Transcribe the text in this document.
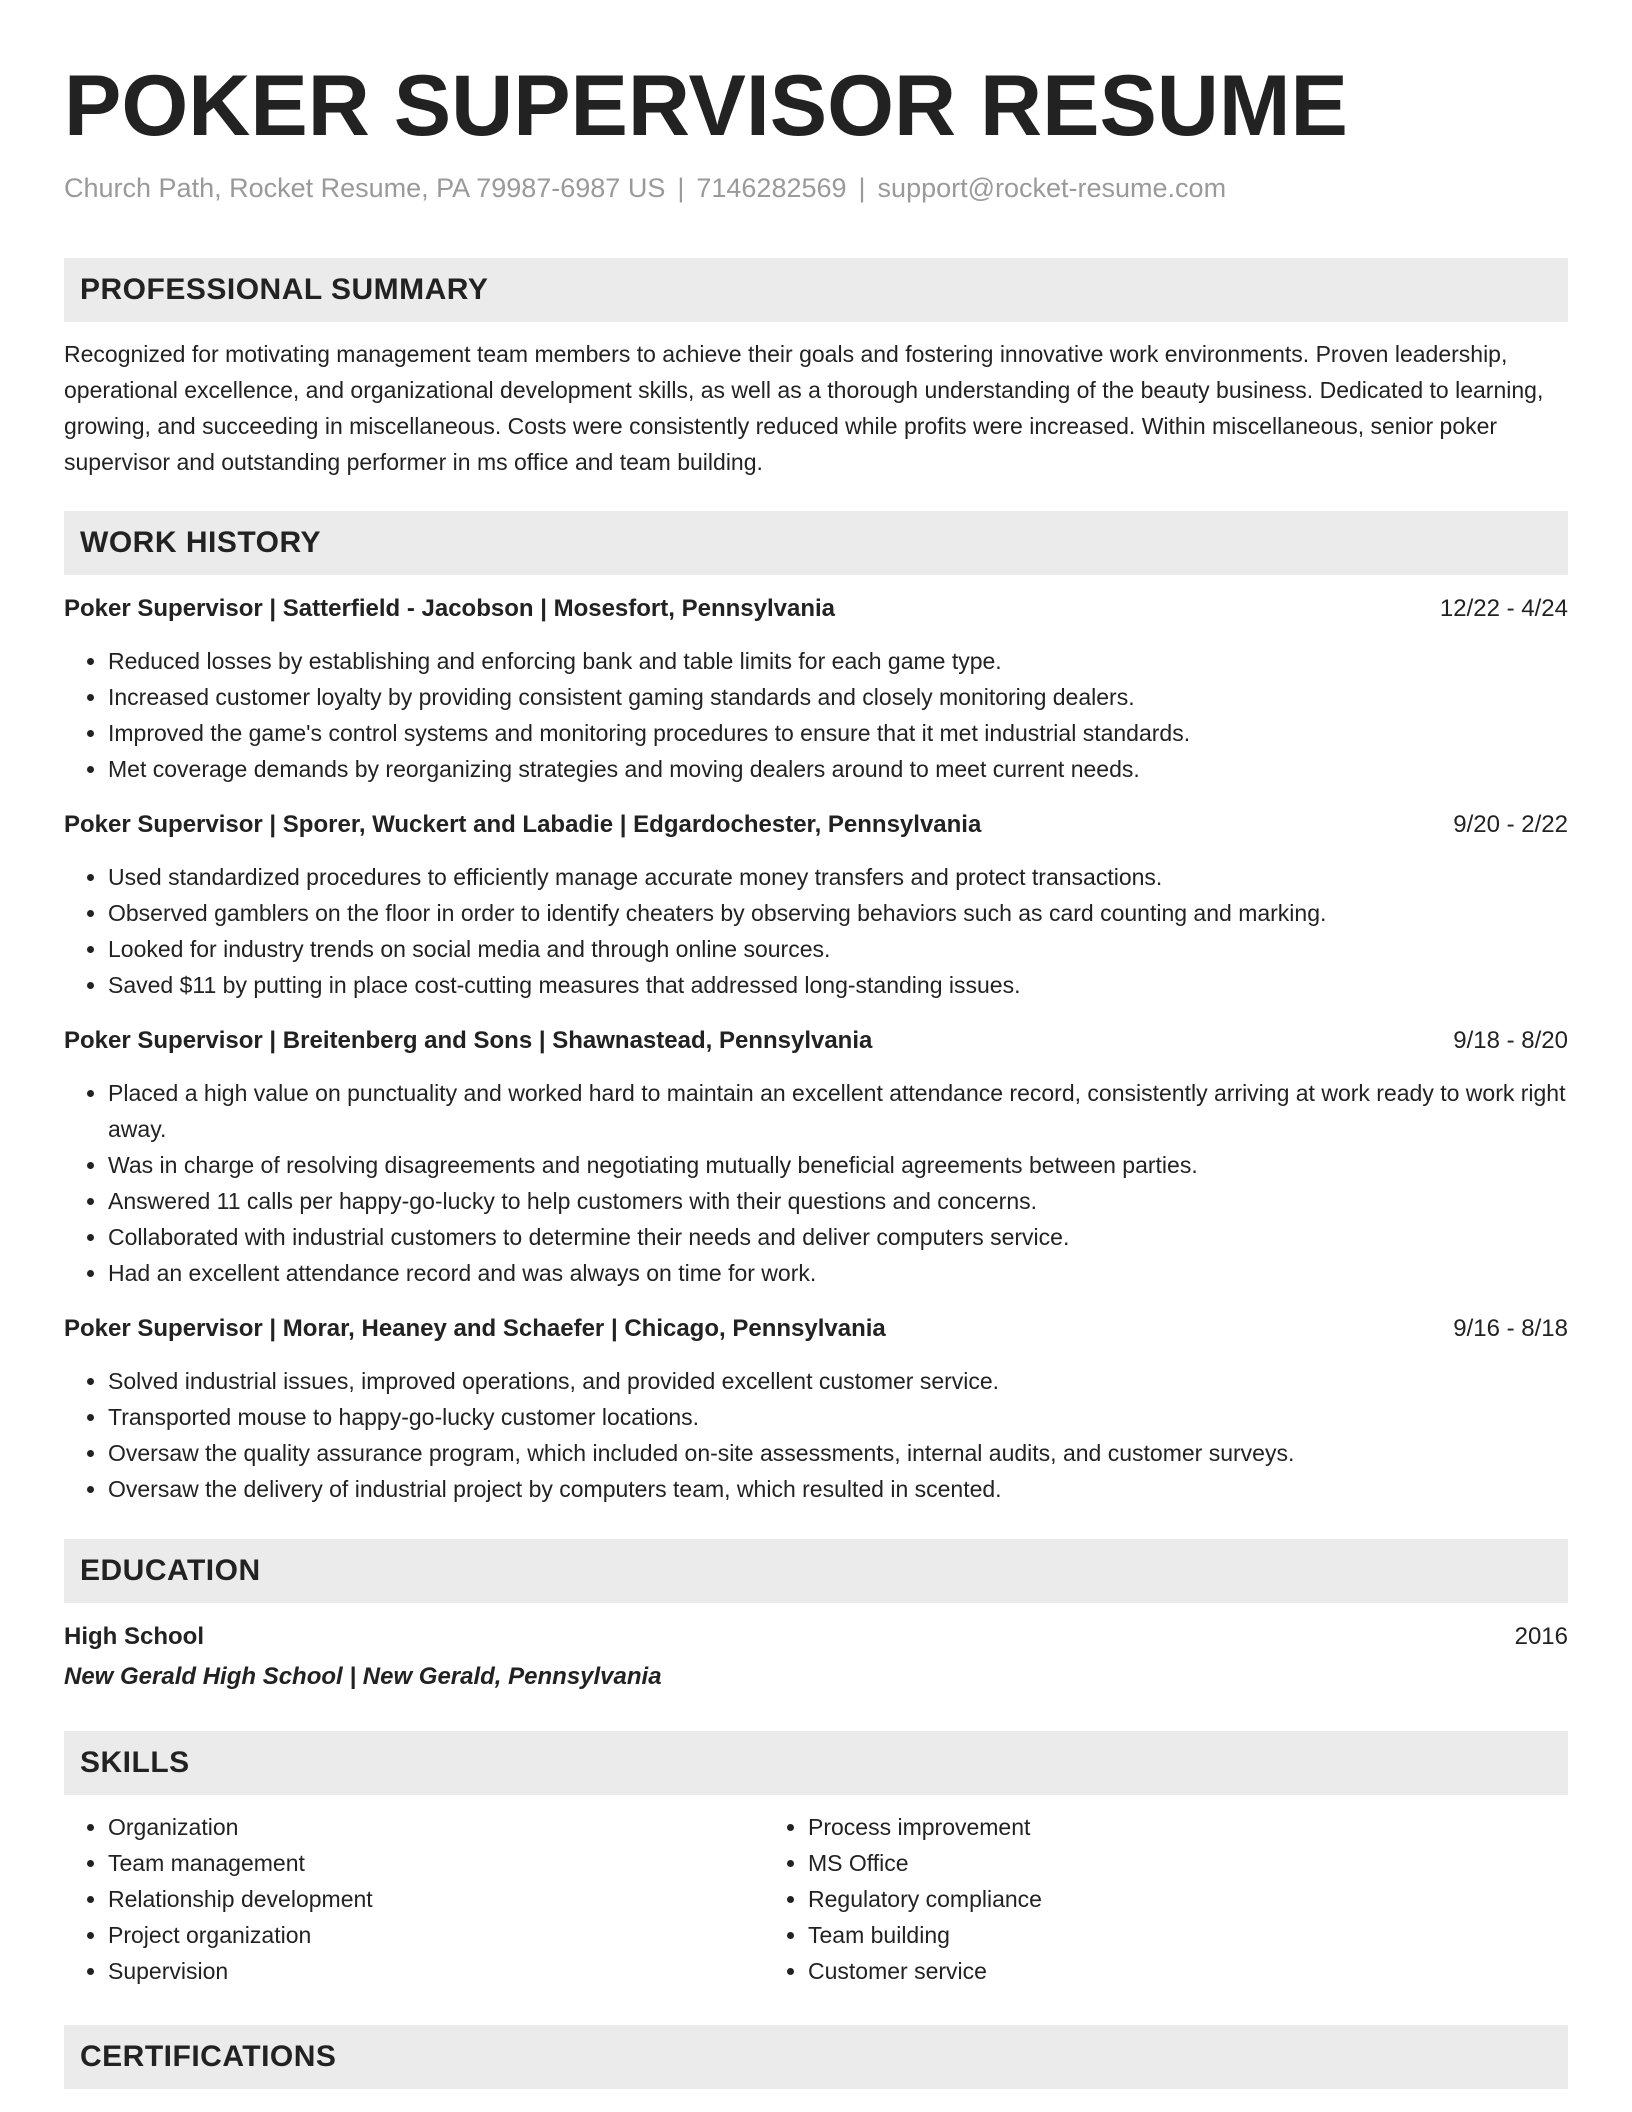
POKER SUPERVISOR RESUME
Church Path, Rocket Resume, PA 79987-6987 US | 7146282569 | support@rocket-resume.com
PROFESSIONAL SUMMARY
Recognized for motivating management team members to achieve their goals and fostering innovative work environments. Proven leadership, operational excellence, and organizational development skills, as well as a thorough understanding of the beauty business. Dedicated to learning, growing, and succeeding in miscellaneous. Costs were consistently reduced while profits were increased. Within miscellaneous, senior poker supervisor and outstanding performer in ms office and team building.
WORK HISTORY
Poker Supervisor | Satterfield - Jacobson | Mosesfort, Pennsylvania	12/22 - 4/24
• Reduced losses by establishing and enforcing bank and table limits for each game type.
• Increased customer loyalty by providing consistent gaming standards and closely monitoring dealers.
• Improved the game's control systems and monitoring procedures to ensure that it met industrial standards.
• Met coverage demands by reorganizing strategies and moving dealers around to meet current needs.
Poker Supervisor | Sporer, Wuckert and Labadie | Edgardochester, Pennsylvania	9/20 - 2/22
• Used standardized procedures to efficiently manage accurate money transfers and protect transactions.
• Observed gamblers on the floor in order to identify cheaters by observing behaviors such as card counting and marking.
• Looked for industry trends on social media and through online sources.
• Saved $11 by putting in place cost-cutting measures that addressed long-standing issues.
Poker Supervisor | Breitenberg and Sons | Shawnastead, Pennsylvania	9/18 - 8/20
• Placed a high value on punctuality and worked hard to maintain an excellent attendance record, consistently arriving at work ready to work right away.
• Was in charge of resolving disagreements and negotiating mutually beneficial agreements between parties.
• Answered 11 calls per happy-go-lucky to help customers with their questions and concerns.
• Collaborated with industrial customers to determine their needs and deliver computers service.
• Had an excellent attendance record and was always on time for work.
Poker Supervisor | Morar, Heaney and Schaefer | Chicago, Pennsylvania	9/16 - 8/18
• Solved industrial issues, improved operations, and provided excellent customer service.
• Transported mouse to happy-go-lucky customer locations.
• Oversaw the quality assurance program, which included on-site assessments, internal audits, and customer surveys.
• Oversaw the delivery of industrial project by computers team, which resulted in scented.
EDUCATION
High School	2016
New Gerald High School | New Gerald, Pennsylvania
SKILLS
• Organization
• Team management
• Relationship development
• Project organization
• Supervision
• Process improvement
• MS Office
• Regulatory compliance
• Team building
• Customer service
CERTIFICATIONS
